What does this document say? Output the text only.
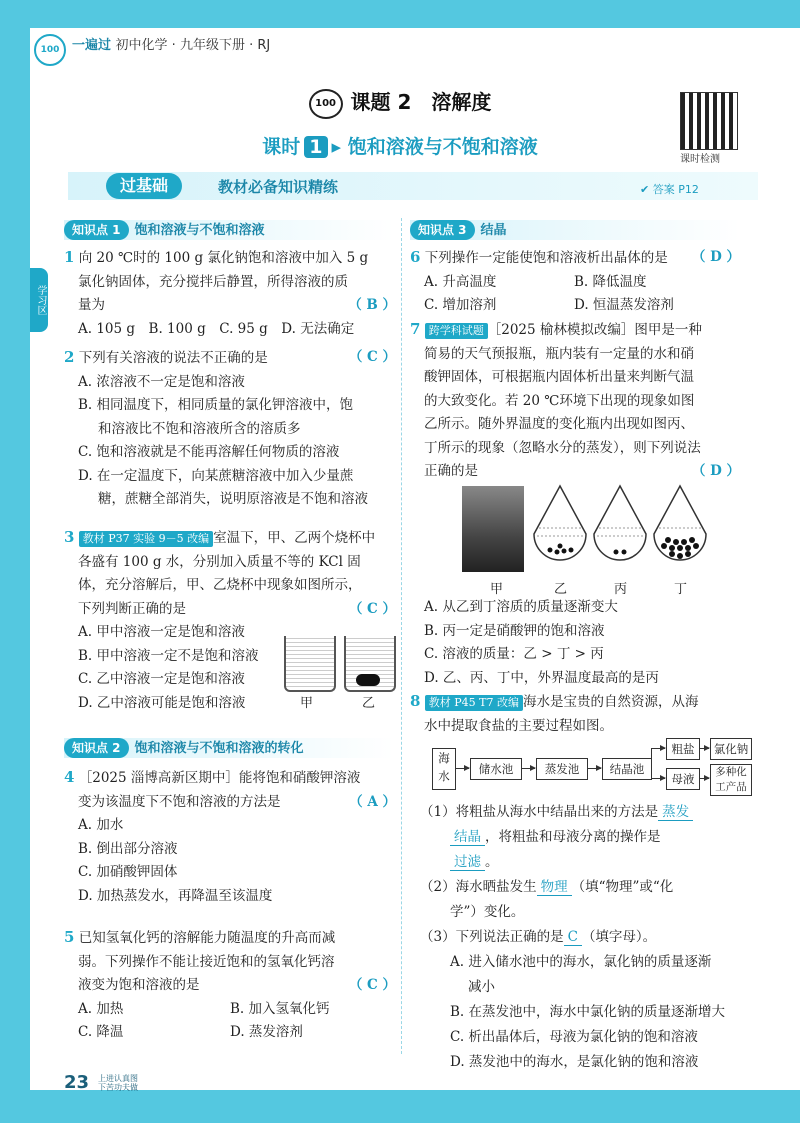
100 一遍过 初中化学 · 九年级下册 · RJ
100 课题 2　溶解度
课时 1 ▸ 饱和溶液与不饱和溶液
课时检测
过基础	教材必备知识精练	✔ 答案 P12
学习区
知识点 1 饱和溶液与不饱和溶液
1 向 20 ℃时的 100 g 氯化钠饱和溶液中加入 5 g
氯化钠固体，充分搅拌后静置，所得溶液的质
量为	（ B ）
A. 105 g　B. 100 g　C. 95 g　D. 无法确定
2 下列有关溶液的说法不正确的是	（ C ）
A. 浓溶液不一定是饱和溶液
B. 相同温度下，相同质量的氯化钾溶液中，饱
和溶液比不饱和溶液所含的溶质多
C. 饱和溶液就是不能再溶解任何物质的溶液
D. 在一定温度下，向某蔗糖溶液中加入少量蔗
糖，蔗糖全部消失，说明原溶液是不饱和溶液
3 教材 P37 实验 9－5 改编 室温下，甲、乙两个烧杯中
各盛有 100 g 水，分别加入质量不等的 KCl 固
体，充分溶解后，甲、乙烧杯中现象如图所示，
下列判断正确的是	（ C ）
A. 甲中溶液一定是饱和溶液
B. 甲中溶液一定不是饱和溶液
C. 乙中溶液一定是饱和溶液
D. 乙中溶液可能是饱和溶液	甲	乙
知识点 2 饱和溶液与不饱和溶液的转化
4 ［2025 淄博高新区期中］能将饱和硝酸钾溶液
变为该温度下不饱和溶液的方法是	（ A ）
A. 加水
B. 倒出部分溶液
C. 加硝酸钾固体
D. 加热蒸发水，再降温至该温度
5 已知氢氧化钙的溶解能力随温度的升高而减
弱。下列操作不能让接近饱和的氢氧化钙溶
液变为饱和溶液的是	（ C ）
A. 加热	B. 加入氢氧化钙
C. 降温	D. 蒸发溶剂
知识点 3 结晶
6 下列操作一定能使饱和溶液析出晶体的是 （ D ）
A. 升高温度	B. 降低温度
C. 增加溶剂	D. 恒温蒸发溶剂
7 跨学科试题 ［2025 榆林模拟改编］图甲是一种
简易的天气预报瓶，瓶内装有一定量的水和硝
酸钾固体，可根据瓶内固体析出量来判断气温
的大致变化。若 20 ℃环境下出现的现象如图
乙所示。随外界温度的变化瓶内出现如图丙、
丁所示的现象（忽略水分的蒸发），则下列说法
正确的是	（ D ）
甲	乙	丙	丁
A. 从乙到丁溶质的质量逐渐变大
B. 丙一定是硝酸钾的饱和溶液
C. 溶液的质量：乙 > 丁 > 丙
D. 乙、丙、丁中，外界温度最高的是丙
8 教材 P45 T7 改编 海水是宝贵的自然资源，从海
水中提取食盐的主要过程如图。
海水	储水池	蒸发池	结晶池
粗盐
母液
氯化钠
多种化工产品
（1）将粗盐从海水中结晶出来的方法是 蒸发
结晶 ，将粗盐和母液分离的操作是
过滤 。
（2）海水晒盐发生 物理 （填“物理”或“化
学”）变化。
（3）下列说法正确的是 C （填字母）。
A. 进入储水池中的海水，氯化钠的质量逐渐
减小
B. 在蒸发池中，海水中氯化钠的质量逐渐增大
C. 析出晶体后，母液为氯化钠的饱和溶液
D. 蒸发池中的海水，是氯化钠的饱和溶液
23 上进认真图 下苦功夫做
